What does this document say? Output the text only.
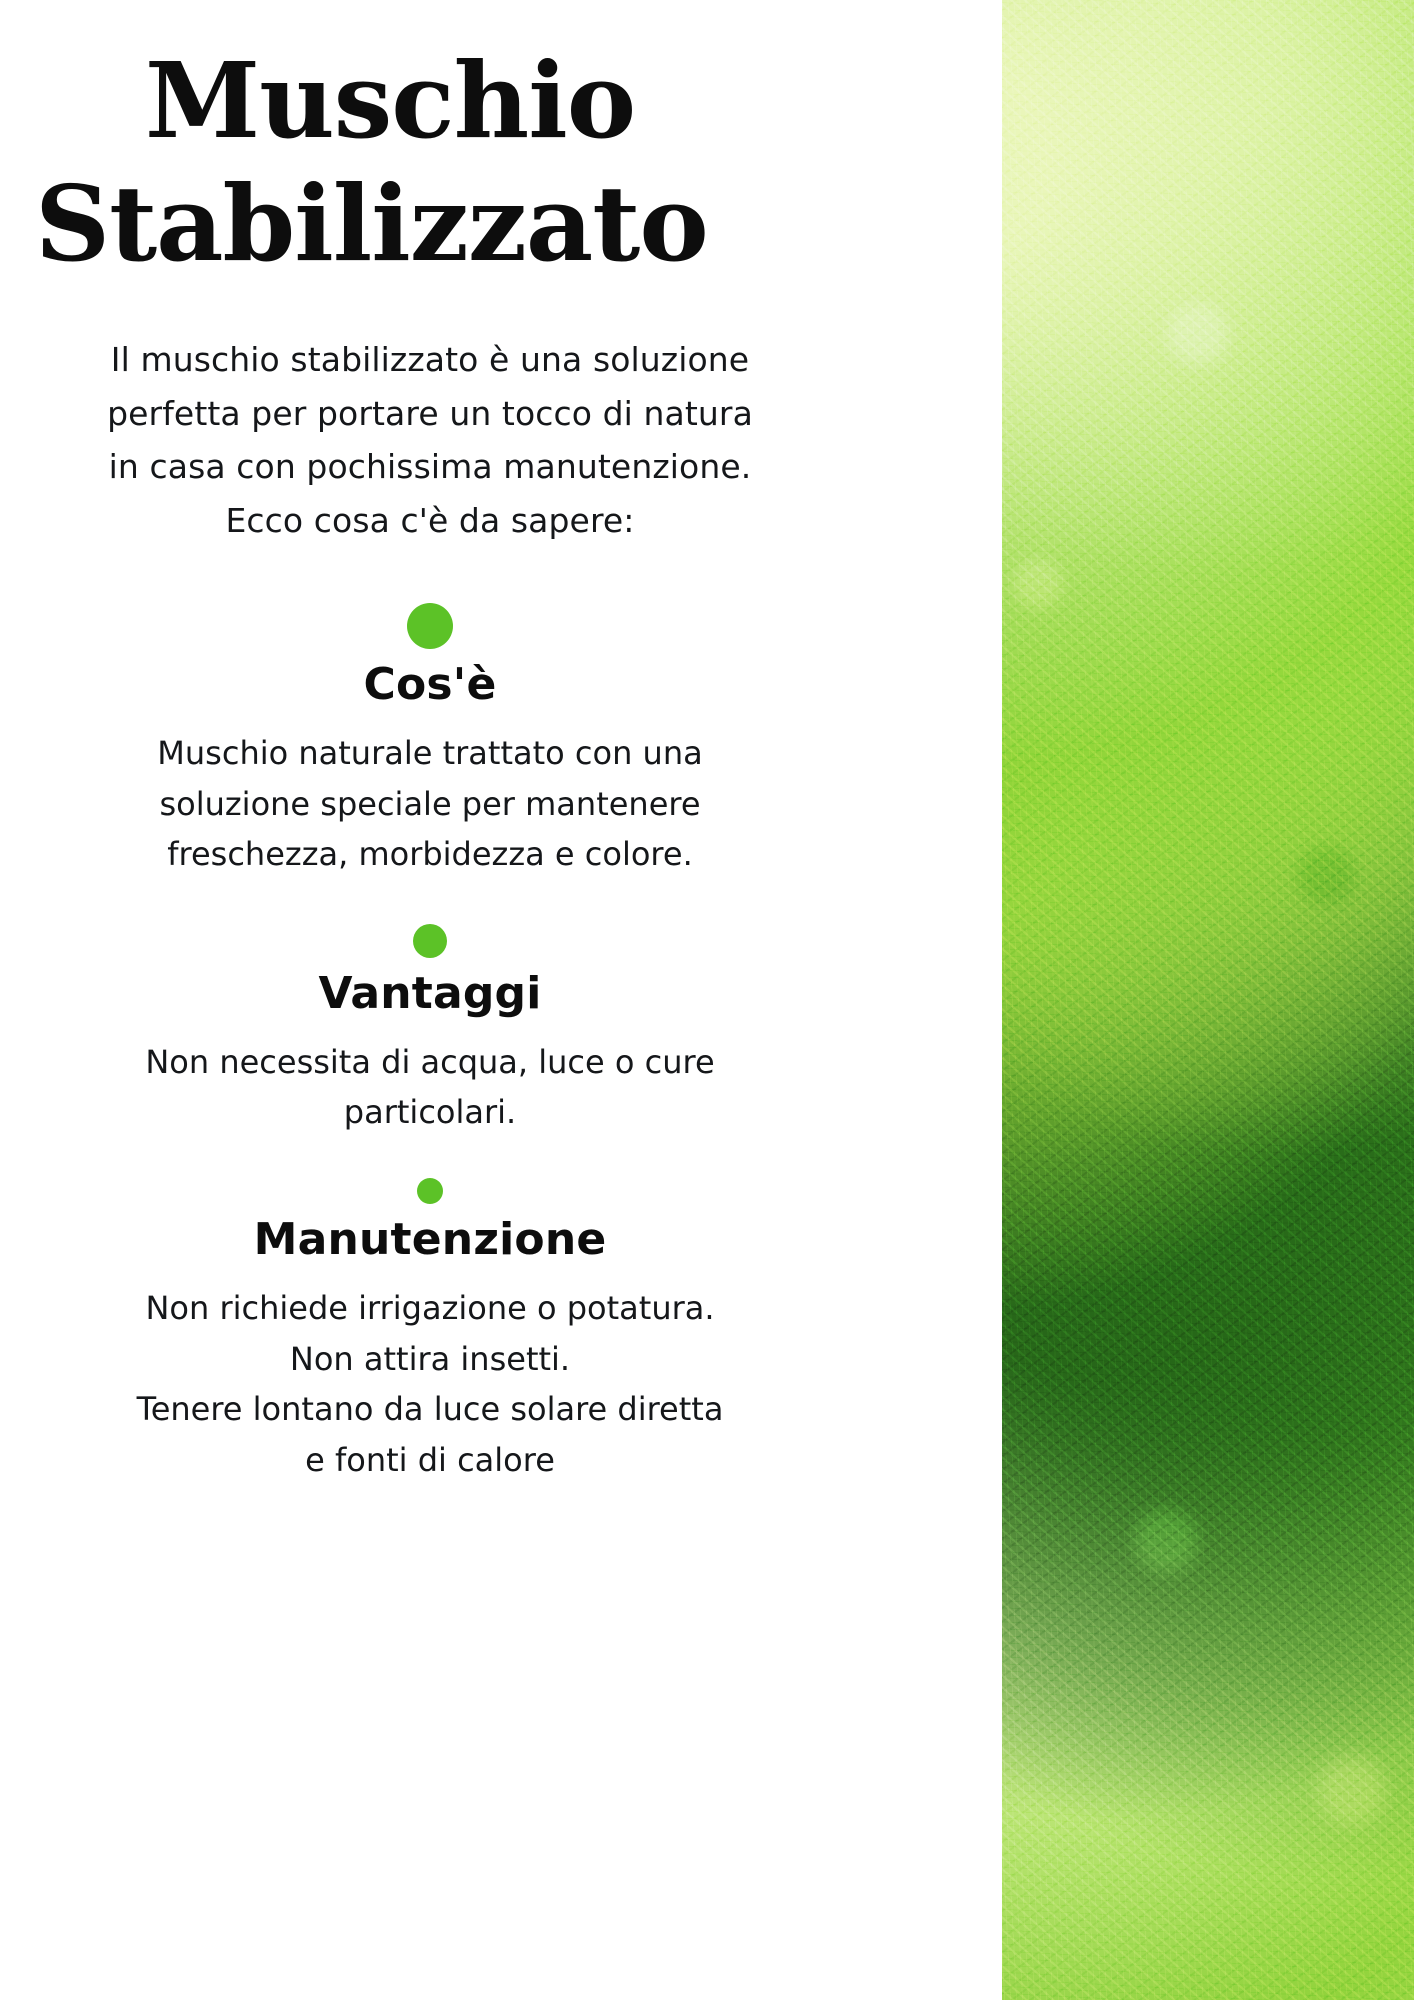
Muschio
Stabilizzato

Il muschio stabilizzato è una soluzione perfetta per portare un tocco di natura in casa con pochissima manutenzione. Ecco cosa c'è da sapere:

Cos'è
Muschio naturale trattato con una
soluzione speciale per mantenere
freschezza, morbidezza e colore.
Vantaggi
Non necessita di acqua, luce o cure
particolari.
Manutenzione
Non richiede irrigazione o potatura.
Non attira insetti.
Tenere lontano da luce solare diretta
e fonti di calore
